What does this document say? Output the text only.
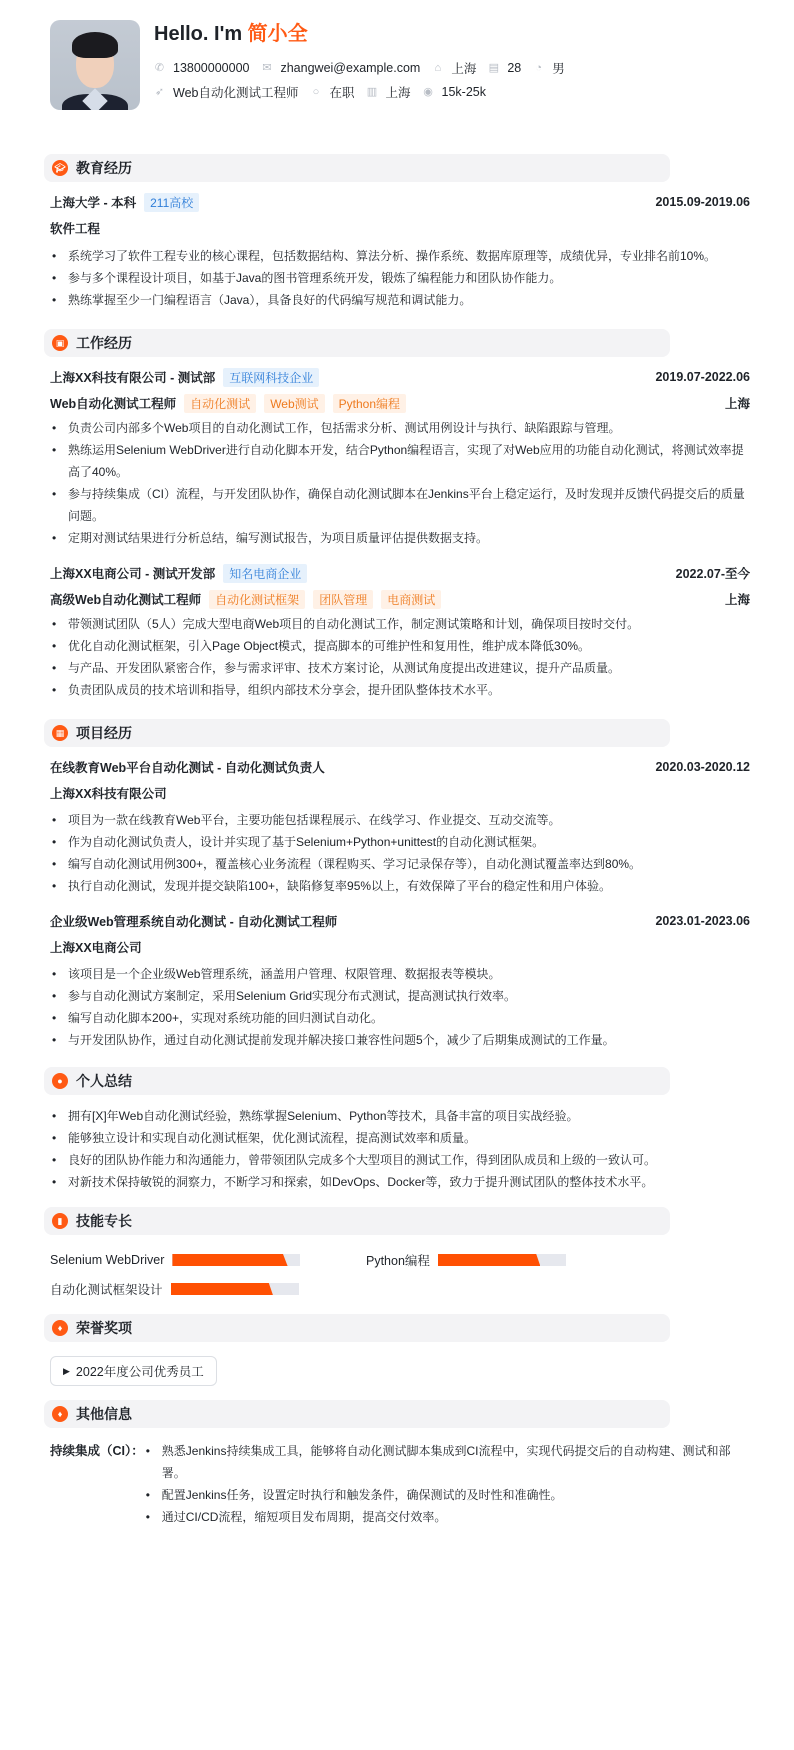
Hello. I'm 简小全
✆ 13800000000 ✉ zhangwei@example.com ⌂ 上海 ▤ 28 ◔ 男
➶ Web自动化测试工程师 ○ 在职 ▥ 上海 ◉ 15k-25k
🎓︎ 教育经历
上海大学 - 本科	211高校	2015.09-2019.06
软件工程
• 系统学习了软件工程专业的核心课程，包括数据结构、算法分析、操作系统、数据库原理等，成绩优异，专业排名前10%。
• 参与多个课程设计项目，如基于Java的图书管理系统开发，锻炼了编程能力和团队协作能力。
• 熟练掌握至少一门编程语言（Java），具备良好的代码编写规范和调试能力。
▣ 工作经历
上海XX科技有限公司 - 测试部	互联网科技企业	2019.07-2022.06
Web自动化测试工程师	自动化测试	Web测试	Python编程	上海
• 负责公司内部多个Web项目的自动化测试工作，包括需求分析、测试用例设计与执行、缺陷跟踪与管理。
• 熟练运用Selenium WebDriver进行自动化脚本开发，结合Python编程语言，实现了对Web应用的功能自动化测试，将测试效率提高了40%。
• 参与持续集成（CI）流程，与开发团队协作，确保自动化测试脚本在Jenkins平台上稳定运行，及时发现并反馈代码提交后的质量问题。
• 定期对测试结果进行分析总结，编写测试报告，为项目质量评估提供数据支持。
上海XX电商公司 - 测试开发部	知名电商企业	2022.07-至今
高级Web自动化测试工程师	自动化测试框架	团队管理	电商测试	上海
• 带领测试团队（5人）完成大型电商Web项目的自动化测试工作，制定测试策略和计划，确保项目按时交付。
• 优化自动化测试框架，引入Page Object模式，提高脚本的可维护性和复用性，维护成本降低30%。
• 与产品、开发团队紧密合作，参与需求评审、技术方案讨论，从测试角度提出改进建议，提升产品质量。
• 负责团队成员的技术培训和指导，组织内部技术分享会，提升团队整体技术水平。
▦ 项目经历
在线教育Web平台自动化测试 - 自动化测试负责人	2020.03-2020.12
上海XX科技有限公司
• 项目为一款在线教育Web平台，主要功能包括课程展示、在线学习、作业提交、互动交流等。
• 作为自动化测试负责人，设计并实现了基于Selenium+Python+unittest的自动化测试框架。
• 编写自动化测试用例300+，覆盖核心业务流程（课程购买、学习记录保存等），自动化测试覆盖率达到80%。
• 执行自动化测试，发现并提交缺陷100+，缺陷修复率95%以上，有效保障了平台的稳定性和用户体验。
企业级Web管理系统自动化测试 - 自动化测试工程师	2023.01-2023.06
上海XX电商公司
• 该项目是一个企业级Web管理系统，涵盖用户管理、权限管理、数据报表等模块。
• 参与自动化测试方案制定，采用Selenium Grid实现分布式测试，提高测试执行效率。
• 编写自动化脚本200+，实现对系统功能的回归测试自动化。
• 与开发团队协作，通过自动化测试提前发现并解决接口兼容性问题5个，减少了后期集成测试的工作量。
● 个人总结
• 拥有[X]年Web自动化测试经验，熟练掌握Selenium、Python等技术，具备丰富的项目实战经验。
• 能够独立设计和实现自动化测试框架，优化测试流程，提高测试效率和质量。
• 良好的团队协作能力和沟通能力，曾带领团队完成多个大型项目的测试工作，得到团队成员和上级的一致认可。
• 对新技术保持敏锐的洞察力，不断学习和探索，如DevOps、Docker等，致力于提升测试团队的整体技术水平。
▮ 技能专长
Selenium WebDriver	Python编程
自动化测试框架设计
♦ 荣誉奖项
▶ 2022年度公司优秀员工
♦ 其他信息
持续集成（CI）：	• 熟悉Jenkins持续集成工具，能够将自动化测试脚本集成到CI流程中，实现代码提交后的自动构建、测试和部署。
• 配置Jenkins任务，设置定时执行和触发条件，确保测试的及时性和准确性。
• 通过CI/CD流程，缩短项目发布周期，提高交付效率。
